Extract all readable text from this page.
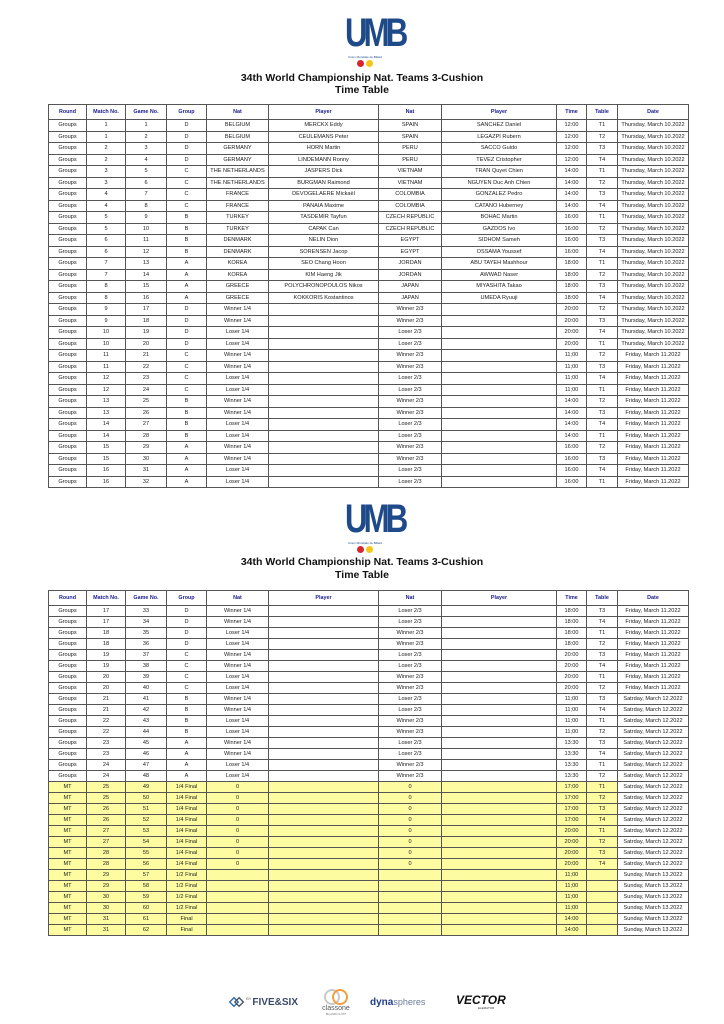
UMB
Union Mondiale de Billard
34th World Championship Nat. Teams 3-Cushion
Time Table
Round	Match No.	Game No.	Group	Nat	Player	Nat	Player	Time	Table	Date
Groups	1	1	D	BELGIUM	MERCKX Eddy	SPAIN	SANCHEZ Daniel	12:00	T1	Thursday, March 10.2022
Groups	1	2	D	BELGIUM	CEULEMANS Peter	SPAIN	LEGAZPI Rubern	12:00	T2	Thursday, March 10.2022
Groups	2	3	D	GERMANY	HORN Martin	PERU	SACCO Guido	12:00	T3	Thursday, March 10.2022
Groups	2	4	D	GERMANY	LINDEMANN Ronny	PERU	TEVEZ Cristopher	12:00	T4	Thursday, March 10.2022
Groups	3	5	C	THE NETHERLANDS	JASPERS Dick	VIETNAM	TRAN Quyet Chien	14:00	T1	Thursday, March 10.2022
Groups	3	6	C	THE NETHERLANDS	BURGMAN Raimond	VIETNAM	NGUYEN Duc Anh Chien	14:00	T2	Thursday, March 10.2022
Groups	4	7	C	FRANCE	DEVOGELAERE Mickaël	COLOMBIA	GONZALEZ Pedro	14:00	T3	Thursday, March 10.2022
Groups	4	8	C	FRANCE	PANAIA Maxime	COLOMBIA	CATANO Huberney	14:00	T4	Thursday, March 10.2022
Groups	5	9	B	TURKEY	TASDEMIR Tayfun	CZECH REPUBLIC	BOHAC Martin	16:00	T1	Thursday, March 10.2022
Groups	5	10	B	TURKEY	CAPAK Can	CZECH REPUBLIC	GAZDOS Ivo	16:00	T2	Thursday, March 10.2022
Groups	6	11	B	DENMARK	NELIN Dion	EGYPT	SIDHOM Sameh	16:00	T3	Thursday, March 10.2022
Groups	6	12	B	DENMARK	SORENSEN Jacop	EGYPT	OSSAMA Youssef	16:00	T4	Thursday, March 10.2022
Groups	7	13	A	KOREA	SEO Chang Hoon	JORDAN	ABU TAYEH Mashhour	18:00	T1	Thursday, March 10.2022
Groups	7	14	A	KOREA	KIM Haeng Jik	JORDAN	AWWAD Naser	18:00	T2	Thursday, March 10.2022
Groups	8	15	A	GREECE	POLYCHRONOPOULOS Nikos	JAPAN	MIYASHITA Takao	18:00	T3	Thursday, March 10.2022
Groups	8	16	A	GREECE	KOKKORIS Kostantinos	JAPAN	UMEDA Ryuuji	18:00	T4	Thursday, March 10.2022
Groups	9	17	D	Winner 1/4		Winner 2/3		20:00	T2	Thursday, March 10.2022
Groups	9	18	D	Winner 1/4		Winner 2/3		20:00	T3	Thursday, March 10.2022
Groups	10	19	D	Loser 1/4		Loser 2/3		20:00	T4	Thursday, March 10.2022
Groups	10	20	D	Loser 1/4		Loser 2/3		20:00	T1	Thursday, March 10.2022
Groups	11	21	C	Winner 1/4		Winner 2/3		11;00	T2	Friday, March 11.2022
Groups	11	22	C	Winner 1/4		Winner 2/3		11;00	T3	Friday, March 11.2022
Groups	12	23	C	Loser 1/4		Loser 2/3		11;00	T4	Friday, March 11.2022
Groups	12	24	C	Loser 1/4		Loser 2/3		11;00	T1	Friday, March 11.2022
Groups	13	25	B	Winner 1/4		Winner 2/3		14:00	T2	Friday, March 11.2022
Groups	13	26	B	Winner 1/4		Winner 2/3		14:00	T3	Friday, March 11.2022
Groups	14	27	B	Loser 1/4		Loser 2/3		14:00	T4	Friday, March 11.2022
Groups	14	28	B	Loser 1/4		Loser 2/3		14:00	T1	Friday, March 11.2022
Groups	15	29	A	Winner 1/4		Winner 2/3		16:00	T2	Friday, March 11.2022
Groups	15	30	A	Winner 1/4		Winner 2/3		16:00	T3	Friday, March 11.2022
Groups	16	31	A	Loser 1/4		Loser 2/3		16:00	T4	Friday, March 11.2022
Groups	16	32	A	Loser 1/4		Loser 2/3		16:00	T1	Friday, March 11.2022
UMB
Union Mondiale de Billard
34th World Championship Nat. Teams 3-Cushion
Time Table
Round	Match No.	Game No.	Group	Nat	Player	Nat	Player	Time	Table	Date
Groups	17	33	D	Winner 1/4		Loser 2/3		18:00	T3	Friday, March 11.2022
Groups	17	34	D	Winner 1/4		Loser 2/3		18:00	T4	Friday, March 11.2022
Groups	18	35	D	Loser 1/4		Winner 2/3		18:00	T1	Friday, March 11.2022
Groups	18	36	D	Loser 1/4		Winner 2/3		18:00	T2	Friday, March 11.2022
Groups	19	37	C	Winner 1/4		Loser 2/3		20:00	T3	Friday, March 11.2022
Groups	19	38	C	Winner 1/4		Loser 2/3		20:00	T4	Friday, March 11.2022
Groups	20	39	C	Loser 1/4		Winner 2/3		20:00	T1	Friday, March 11.2022
Groups	20	40	C	Loser 1/4		Winner 2/3		20:00	T2	Friday, March 11.2022
Groups	21	41	B	Winner 1/4		Loser 2/3		11;00	T3	Satrday, March 12.2022
Groups	21	42	B	Winner 1/4		Loser 2/3		11;00	T4	Satrday, March 12.2022
Groups	22	43	B	Loser 1/4		Winner 2/3		11;00	T1	Satrday, March 12.2022
Groups	22	44	B	Loser 1/4		Winner 2/3		11;00	T2	Satrday, March 12.2022
Groups	23	45	A	Winner 1/4		Loser 2/3		13:30	T3	Satrday, March 12.2022
Groups	23	46	A	Winner 1/4		Loser 2/3		13:30	T4	Satrday, March 12.2022
Groups	24	47	A	Loser 1/4		Winner 2/3		13:30	T1	Satrday, March 12.2022
Groups	24	48	A	Loser 1/4		Winner 2/3		13:30	T2	Satrday, March 12.2022
MT	25	49	1/4 Final	0		0		17:00	T1	Satrday, March 12.2022
MT	25	50	1/4 Final	0		0		17:00	T2	Satrday, March 12.2022
MT	26	51	1/4 Final	0		0		17:00	T3	Satrday, March 12.2022
MT	26	52	1/4 Final	0		0		17:00	T4	Satrday, March 12.2022
MT	27	53	1/4 Final	0		0		20:00	T1	Satrday, March 12.2022
MT	27	54	1/4 Final	0		0		20:00	T2	Satrday, March 12.2022
MT	28	55	1/4 Final	0		0		20:00	T3	Satrday, March 12.2022
MT	28	56	1/4 Final	0		0		20:00	T4	Satrday, March 12.2022
MT	29	57	1/2 Final					11;00		Sunday, March 13.2022
MT	29	58	1/2 Final					11;00		Sunday, March 13.2022
MT	30	59	1/2 Final					11;00		Sunday, March 13.2022
MT	30	60	1/2 Final					11;00		Sunday, March 13.2022
MT	31	61	Final					14:00		Sunday, March 13.2022
MT	31	62	Final					14:00		Sunday, March 13.2022
BY FIVE&SIX
classone
BILLIARD CLOTH
dyna spheres	VECTOR
ELEMATOR
